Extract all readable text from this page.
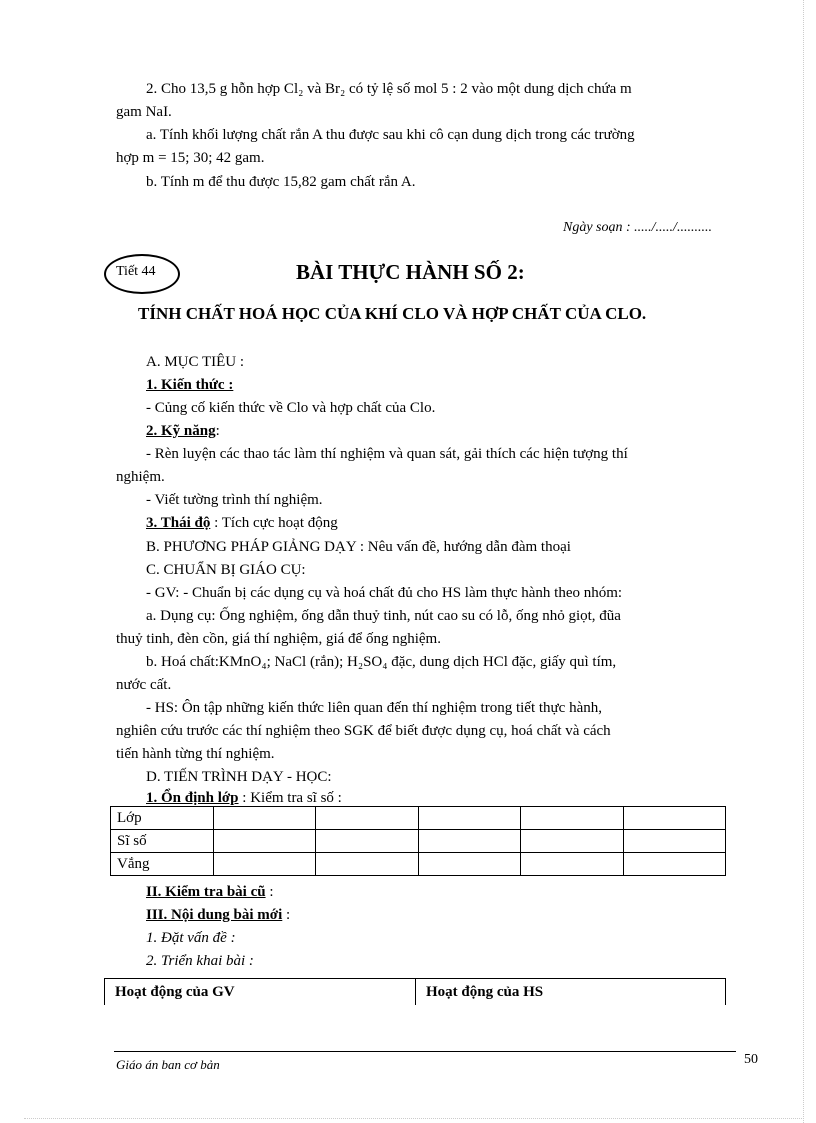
2. Cho 13,5 g hỗn hợp Cl₂ và Br₂ có tỷ lệ số mol 5 : 2 vào một dung dịch chứa m

gam NaI.

a. Tính khối lượng chất rắn A thu được sau khi cô cạn dung dịch trong các trường

hợp m = 15; 30; 42 gam.

b. Tính m để thu được 15,82 gam chất rắn A.

Ngày soạn : ...../...../..........
Tiết 44	BÀI THỰC HÀNH SỐ 2:
TÍNH CHẤT HOÁ HỌC CỦA KHÍ CLO VÀ HỢP CHẤT CỦA CLO.

A. MỤC TIÊU :

1. Kiến thức :

- Củng cố kiến thức về Clo và hợp chất của Clo.

2. Kỹ năng:

- Rèn luyện các thao tác làm thí nghiệm và quan sát, gải thích các hiện tượng thí

nghiệm.

- Viết tường trình thí nghiệm.

3. Thái độ : Tích cực hoạt động

B. PHƯƠNG PHÁP GIẢNG DẠY : Nêu vấn đề, hướng dẫn đàm thoại

C. CHUẨN BỊ GIÁO CỤ:

- GV: - Chuẩn bị các dụng cụ và hoá chất đủ cho HS làm thực hành theo nhóm:

a. Dụng cụ: Ống nghiệm, ống dẫn thuỷ tinh, nút cao su có lỗ, ống nhỏ giọt, đũa

thuỷ tinh, đèn cồn, giá thí nghiệm, giá để ống nghiệm.

b. Hoá chất:KMnO₄; NaCl (rắn); H₂SO₄ đặc, dung dịch HCl đặc, giấy quì tím,

nước cất.

- HS: Ôn tập những kiến thức liên quan đến thí nghiệm trong tiết thực hành,

nghiên cứu trước các thí nghiệm theo SGK để biết được dụng cụ, hoá chất và cách

tiến hành từng thí nghiệm.

D. TIẾN TRÌNH DẠY - HỌC:

1. Ổn định lớp : Kiểm tra sĩ số :

Lớp					
Sĩ số					
Vắng					

II. Kiểm tra bài cũ :

III. Nội dung bài mới :

1. Đặt vấn đề :

2. Triển khai bài :

Hoạt động của GV	Hoạt động của HS
Giáo án ban cơ bản	50
